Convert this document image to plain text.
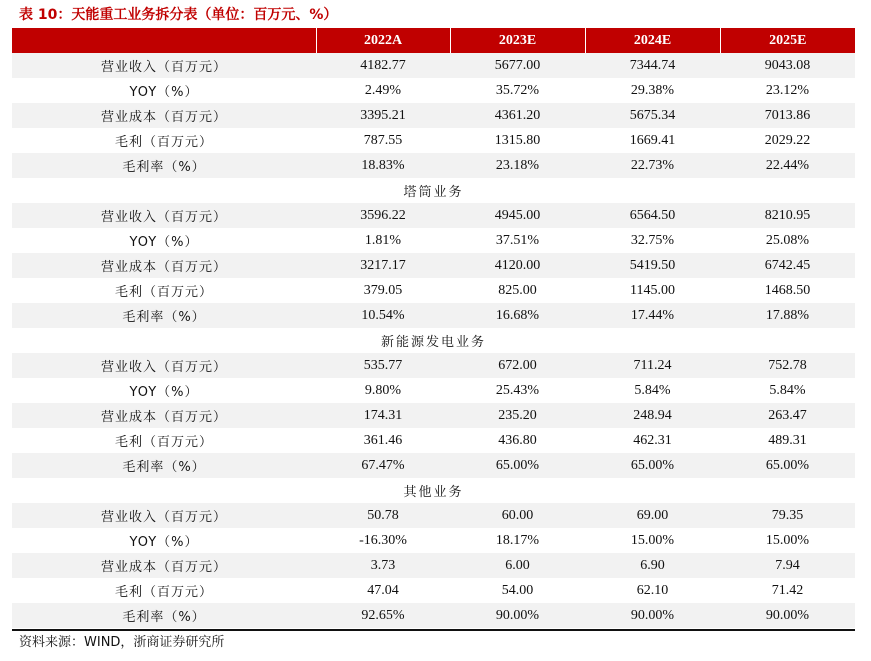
表 10：天能重工业务拆分表（单位：百万元、%）
	2022A	2023E	2024E	2025E
营业收入（百万元）	4182.77	5677.00	7344.74	9043.08
YOY（%）	2.49%	35.72%	29.38%	23.12%
营业成本（百万元）	3395.21	4361.20	5675.34	7013.86
毛利（百万元）	787.55	1315.80	1669.41	2029.22
毛利率（%）	18.83%	23.18%	22.73%	22.44%
塔筒业务				
营业收入（百万元）	3596.22	4945.00	6564.50	8210.95
YOY（%）	1.81%	37.51%	32.75%	25.08%
营业成本（百万元）	3217.17	4120.00	5419.50	6742.45
毛利（百万元）	379.05	825.00	1145.00	1468.50
毛利率（%）	10.54%	16.68%	17.44%	17.88%
新能源发电业务				
营业收入（百万元）	535.77	672.00	711.24	752.78
YOY（%）	9.80%	25.43%	5.84%	5.84%
营业成本（百万元）	174.31	235.20	248.94	263.47
毛利（百万元）	361.46	436.80	462.31	489.31
毛利率（%）	67.47%	65.00%	65.00%	65.00%
其他业务				
营业收入（百万元）	50.78	60.00	69.00	79.35
YOY（%）	-16.30%	18.17%	15.00%	15.00%
营业成本（百万元）	3.73	6.00	6.90	7.94
毛利（百万元）	47.04	54.00	62.10	71.42
毛利率（%）	92.65%	90.00%	90.00%	90.00%
资料来源：WIND，浙商证券研究所
